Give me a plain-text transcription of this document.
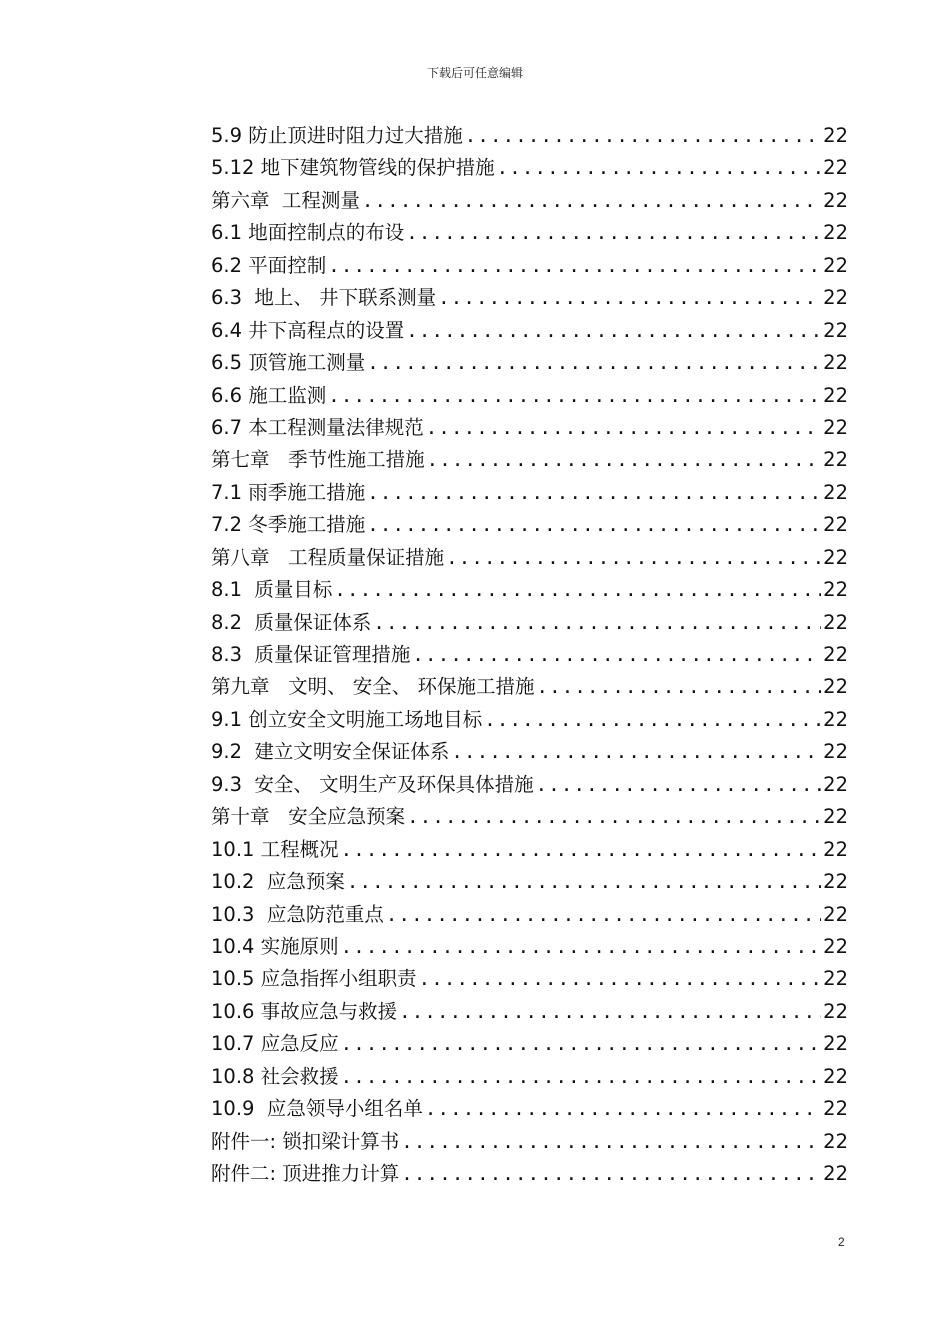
下载后可任意编辑
5.9 防止顶进时阻力过大措施 .....	22
5.12 地下建筑物管线的保护措施 .....	22
第六章  工程测量 .....	22
6.1 地面控制点的布设 .....	22
6.2 平面控制 .....	22
6.3  地上、 井下联系测量 .....	22
6.4 井下高程点的设置 .....	22
6.5 顶管施工测量 .....	22
6.6 施工监测 .....	22
6.7 本工程测量法律规范 .....	22
第七章   季节性施工措施 .....	22
7.1 雨季施工措施 .....	22
7.2 冬季施工措施 .....	22
第八章   工程质量保证措施 .....	22
8.1  质量目标 .....	22
8.2  质量保证体系 .....	22
8.3  质量保证管理措施 .....	22
第九章   文明、 安全、 环保施工措施 .....	22
9.1 创立安全文明施工场地目标 .....	22
9.2  建立文明安全保证体系 .....	22
9.3  安全、 文明生产及环保具体措施 .....	22
第十章   安全应急预案 .....	22
10.1 工程概况 .....	22
10.2  应急预案 .....	22
10.3  应急防范重点 .....	22
10.4 实施原则 .....	22
10.5 应急指挥小组职责 .....	22
10.6 事故应急与救援 .....	22
10.7 应急反应 .....	22
10.8 社会救援 .....	22
10.9  应急领导小组名单 .....	22
附件一: 锁扣梁计算书 .....	22
附件二: 顶进推力计算 .....	22
2
